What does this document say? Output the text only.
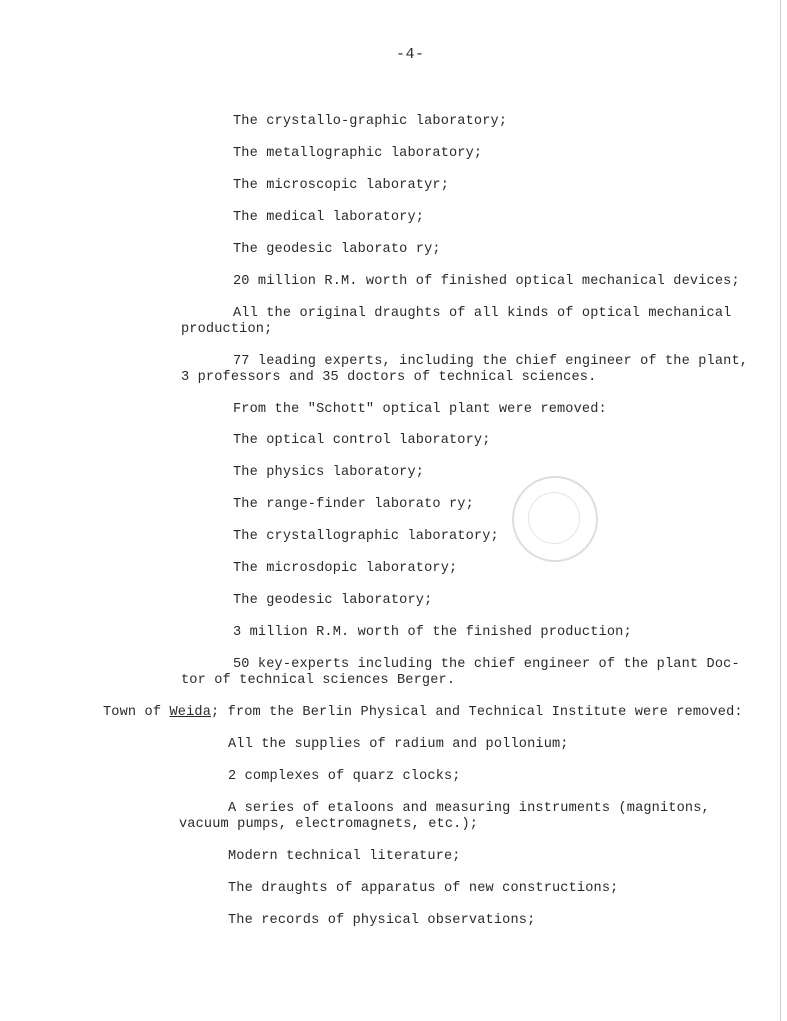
-4-
The crystallo-graphic laboratory;
The metallographic laboratory;
The microscopic laboratyr;
The medical laboratory;
The geodesic laborato ry;
20 million R.M. worth of finished optical mechanical devices;
All the original draughts of all kinds of optical mechanical
production;
77 leading experts, including the chief engineer of the plant,
3 professors and 35 doctors of technical sciences.
From the "Schott" optical plant were removed:
The optical control laboratory;
The physics laboratory;
The range-finder laborato ry;
The crystallographic laboratory;
The microsdopic laboratory;
The geodesic laboratory;
3 million R.M. worth of the finished production;
50 key-experts including the chief engineer of the plant Doc-
tor of technical sciences Berger.
Town of Weida; from the Berlin Physical and Technical Institute were removed:
All the supplies of radium and pollonium;
2 complexes of quarz clocks;
A series of etaloons and measuring instruments (magnitons,
vacuum pumps, electromagnets, etc.);
Modern technical literature;
The draughts of apparatus of new constructions;
The records of physical observations;
